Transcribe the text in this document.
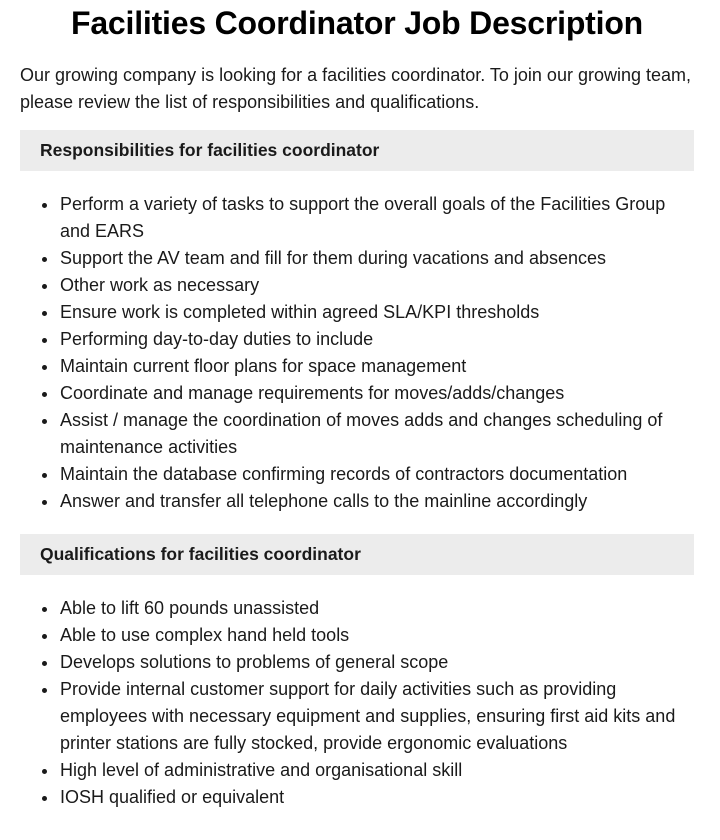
Facilities Coordinator Job Description

Our growing company is looking for a facilities coordinator. To join our growing team, please review the list of responsibilities and qualifications.

Responsibilities for facilities coordinator
Perform a variety of tasks to support the overall goals of the Facilities Group and EARS
Support the AV team and fill for them during vacations and absences
Other work as necessary
Ensure work is completed within agreed SLA/KPI thresholds
Performing day-to-day duties to include
Maintain current floor plans for space management
Coordinate and manage requirements for moves/adds/changes
Assist / manage the coordination of moves adds and changes scheduling of maintenance activities
Maintain the database confirming records of contractors documentation
Answer and transfer all telephone calls to the mainline accordingly
Qualifications for facilities coordinator
Able to lift 60 pounds unassisted
Able to use complex hand held tools
Develops solutions to problems of general scope
Provide internal customer support for daily activities such as providing employees with necessary equipment and supplies, ensuring first aid kits and printer stations are fully stocked, provide ergonomic evaluations
High level of administrative and organisational skill
IOSH qualified or equivalent
